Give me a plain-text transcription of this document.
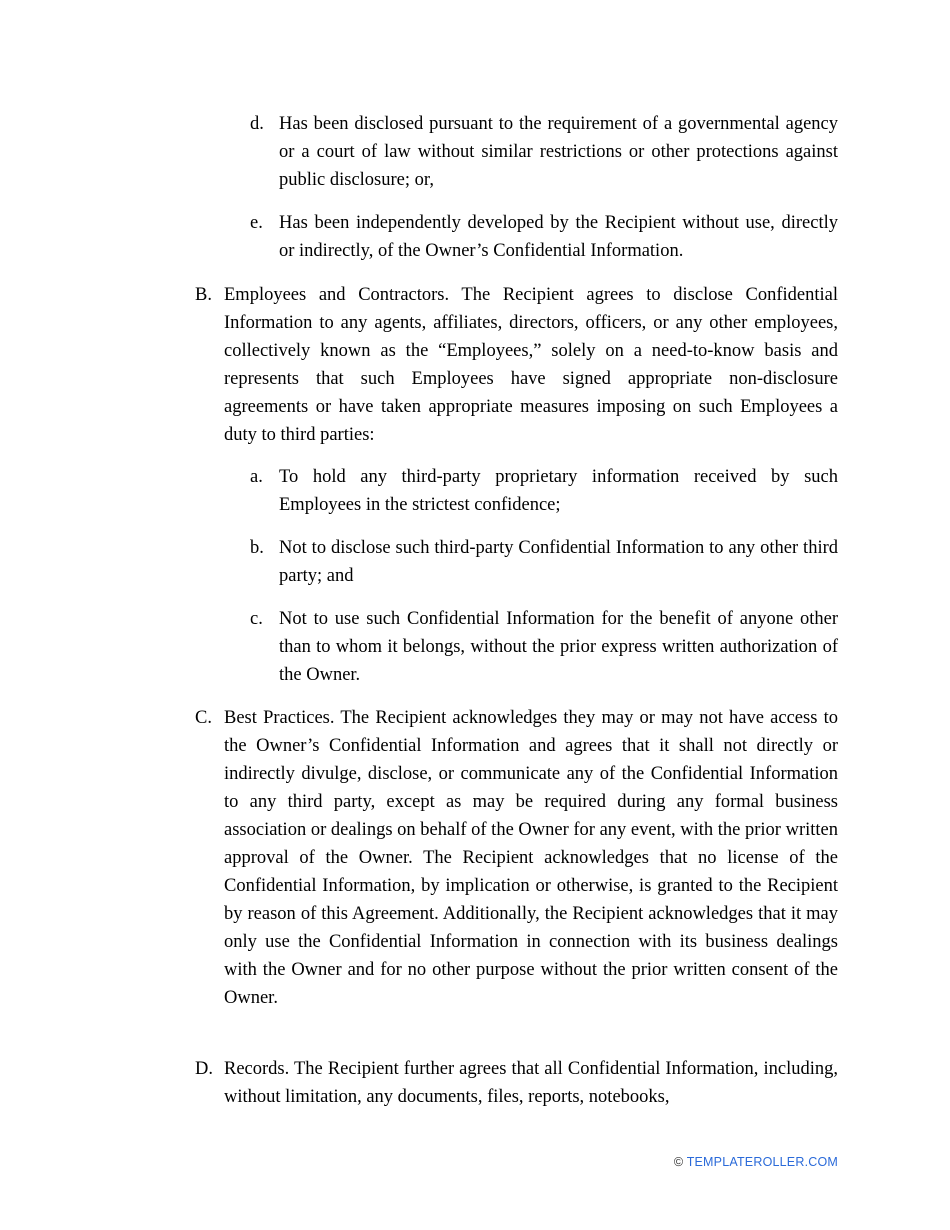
d. Has been disclosed pursuant to the requirement of a governmental agency or a court of law without similar restrictions or other protections against public disclosure; or,
e. Has been independently developed by the Recipient without use, directly or indirectly, of the Owner’s Confidential Information.
B. Employees and Contractors. The Recipient agrees to disclose Confidential Information to any agents, affiliates, directors, officers, or any other employees, collectively known as the “Employees,” solely on a need-to-know basis and represents that such Employees have signed appropriate non-disclosure agreements or have taken appropriate measures imposing on such Employees a duty to third parties:
a. To hold any third-party proprietary information received by such Employees in the strictest confidence;
b. Not to disclose such third-party Confidential Information to any other third party; and
c. Not to use such Confidential Information for the benefit of anyone other than to whom it belongs, without the prior express written authorization of the Owner.
C. Best Practices. The Recipient acknowledges they may or may not have access to the Owner’s Confidential Information and agrees that it shall not directly or indirectly divulge, disclose, or communicate any of the Confidential Information to any third party, except as may be required during any formal business association or dealings on behalf of the Owner for any event, with the prior written approval of the Owner. The Recipient acknowledges that no license of the Confidential Information, by implication or otherwise, is granted to the Recipient by reason of this Agreement. Additionally, the Recipient acknowledges that it may only use the Confidential Information in connection with its business dealings with the Owner and for no other purpose without the prior written consent of the Owner.
D. Records. The Recipient further agrees that all Confidential Information, including, without limitation, any documents, files, reports, notebooks,
© TEMPLATEROLLER.COM
